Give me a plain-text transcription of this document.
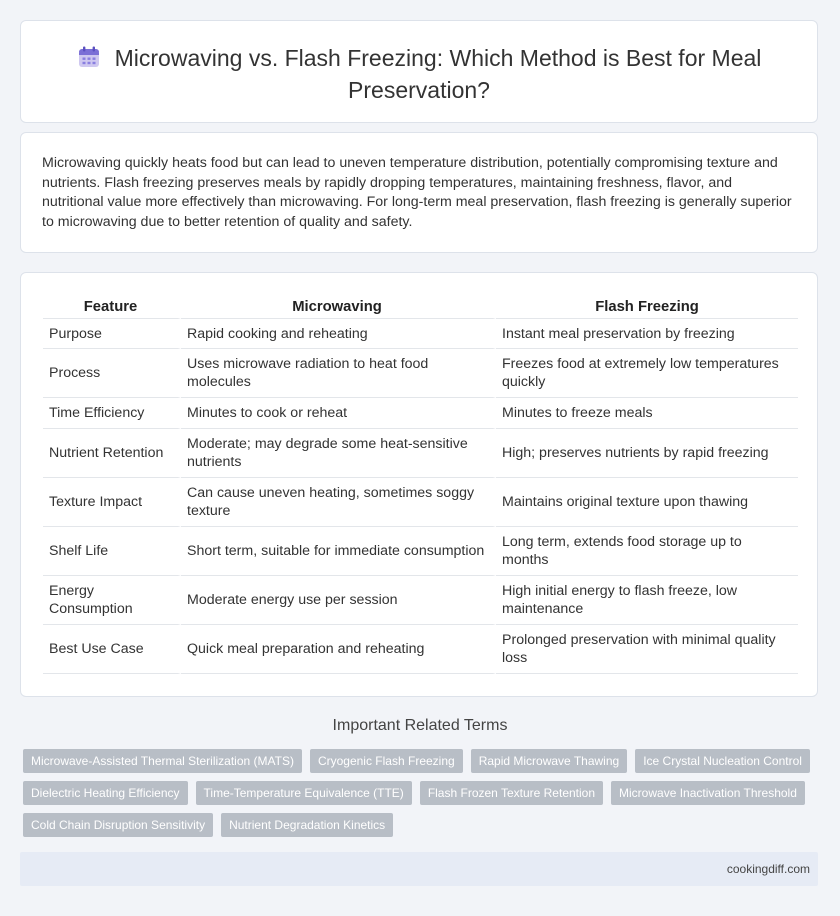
Microwaving vs. Flash Freezing: Which Method is Best for Meal Preservation?
Microwaving quickly heats food but can lead to uneven temperature distribution, potentially compromising texture and nutrients. Flash freezing preserves meals by rapidly dropping temperatures, maintaining freshness, flavor, and nutritional value more effectively than microwaving. For long-term meal preservation, flash freezing is generally superior to microwaving due to better retention of quality and safety.
Feature	Microwaving	Flash Freezing
Purpose	Rapid cooking and reheating	Instant meal preservation by freezing
Process	Uses microwave radiation to heat food molecules	Freezes food at extremely low temperatures quickly
Time Efficiency	Minutes to cook or reheat	Minutes to freeze meals
Nutrient Retention	Moderate; may degrade some heat-sensitive nutrients	High; preserves nutrients by rapid freezing
Texture Impact	Can cause uneven heating, sometimes soggy texture	Maintains original texture upon thawing
Shelf Life	Short term, suitable for immediate consumption	Long term, extends food storage up to months
Energy Consumption	Moderate energy use per session	High initial energy to flash freeze, low maintenance
Best Use Case	Quick meal preparation and reheating	Prolonged preservation with minimal quality loss
Important Related Terms
Microwave-Assisted Thermal Sterilization (MATS)	Cryogenic Flash Freezing	Rapid Microwave Thawing	Ice Crystal Nucleation Control
Dielectric Heating Efficiency	Time-Temperature Equivalence (TTE)	Flash Frozen Texture Retention	Microwave Inactivation Threshold
Cold Chain Disruption Sensitivity	Nutrient Degradation Kinetics
cookingdiff.com
